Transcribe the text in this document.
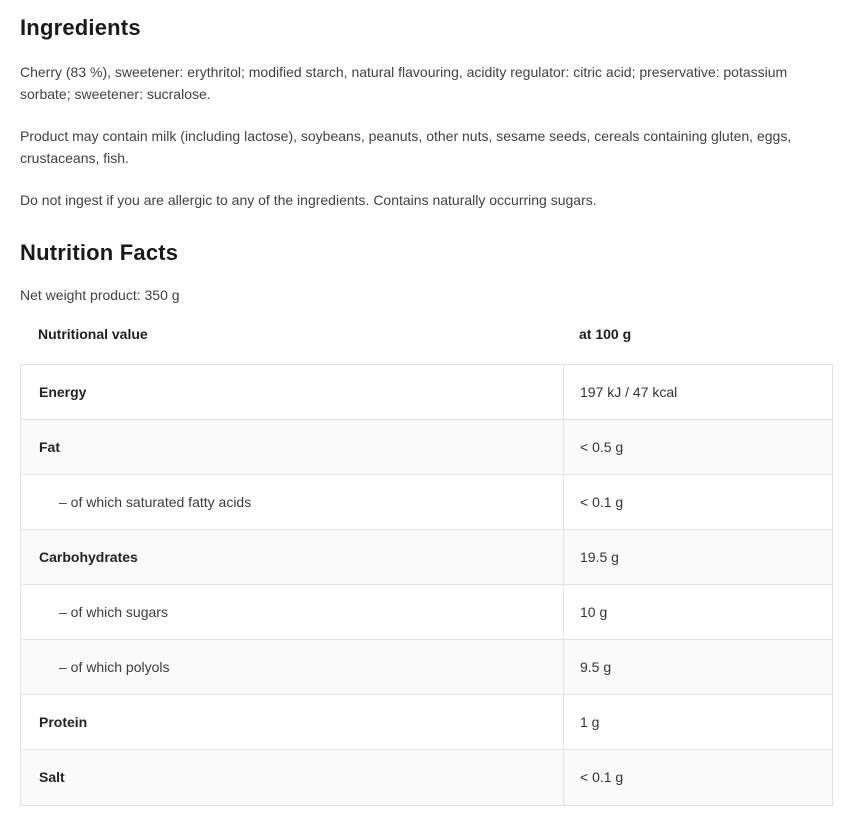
Ingredients

Cherry (83 %), sweetener: erythritol; modified starch, natural flavouring, acidity regulator: citric acid; preservative: potassium sorbate; sweetener: sucralose.

Product may contain milk (including lactose), soybeans, peanuts, other nuts, sesame seeds, cereals containing gluten, eggs, crustaceans, fish.

Do not ingest if you are allergic to any of the ingredients. Contains naturally occurring sugars.

Nutrition Facts

Net weight product: 350 g

Nutritional value	at 100 g
Energy	197 kJ / 47 kcal
Fat	< 0.5 g
– of which saturated fatty acids	< 0.1 g
Carbohydrates	19.5 g
– of which sugars	10 g
– of which polyols	9.5 g
Protein	1 g
Salt	< 0.1 g
